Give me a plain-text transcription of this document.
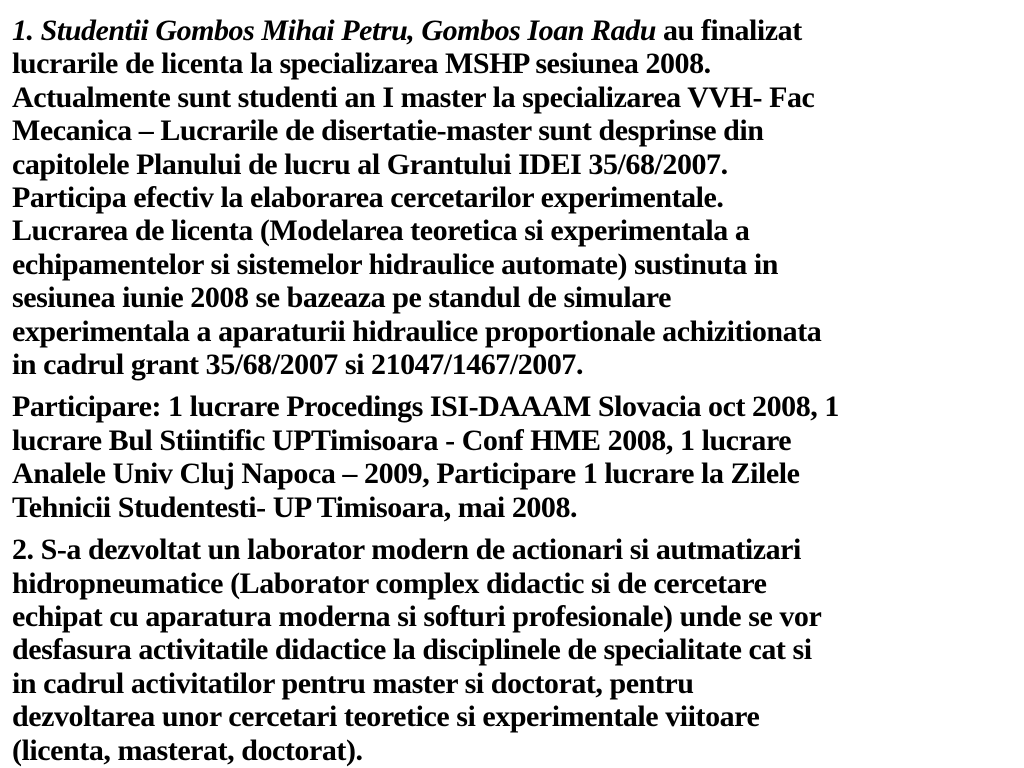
1. Studentii Gombos Mihai Petru, Gombos Ioan Radu au finalizat
lucrarile de licenta la specializarea MSHP sesiunea 2008.
Actualmente sunt studenti an I master la specializarea VVH- Fac
Mecanica – Lucrarile de disertatie-master sunt desprinse din
capitolele Planului de lucru al Grantului IDEI 35/68/2007.
Participa efectiv la elaborarea cercetarilor experimentale.
Lucrarea de licenta (Modelarea teoretica si experimentala a
echipamentelor si sistemelor hidraulice automate) sustinuta in
sesiunea iunie 2008 se bazeaza pe standul de simulare
experimentala a aparaturii hidraulice proportionale achizitionata
in cadrul grant 35/68/2007 si 21047/1467/2007.

Participare: 1 lucrare Procedings ISI-DAAAM Slovacia oct 2008, 1
lucrare Bul Stiintific UPTimisoara - Conf HME 2008, 1 lucrare
Analele Univ Cluj Napoca – 2009, Participare 1 lucrare la Zilele
Tehnicii Studentesti- UP Timisoara, mai 2008.

2. S-a dezvoltat un laborator modern de actionari si autmatizari
hidropneumatice (Laborator complex didactic si de cercetare
echipat cu aparatura moderna si softuri profesionale) unde se vor
desfasura activitatile didactice la disciplinele de specialitate cat si
in cadrul activitatilor pentru master si doctorat, pentru
dezvoltarea unor cercetari teoretice si experimentale viitoare
(licenta, masterat, doctorat).
